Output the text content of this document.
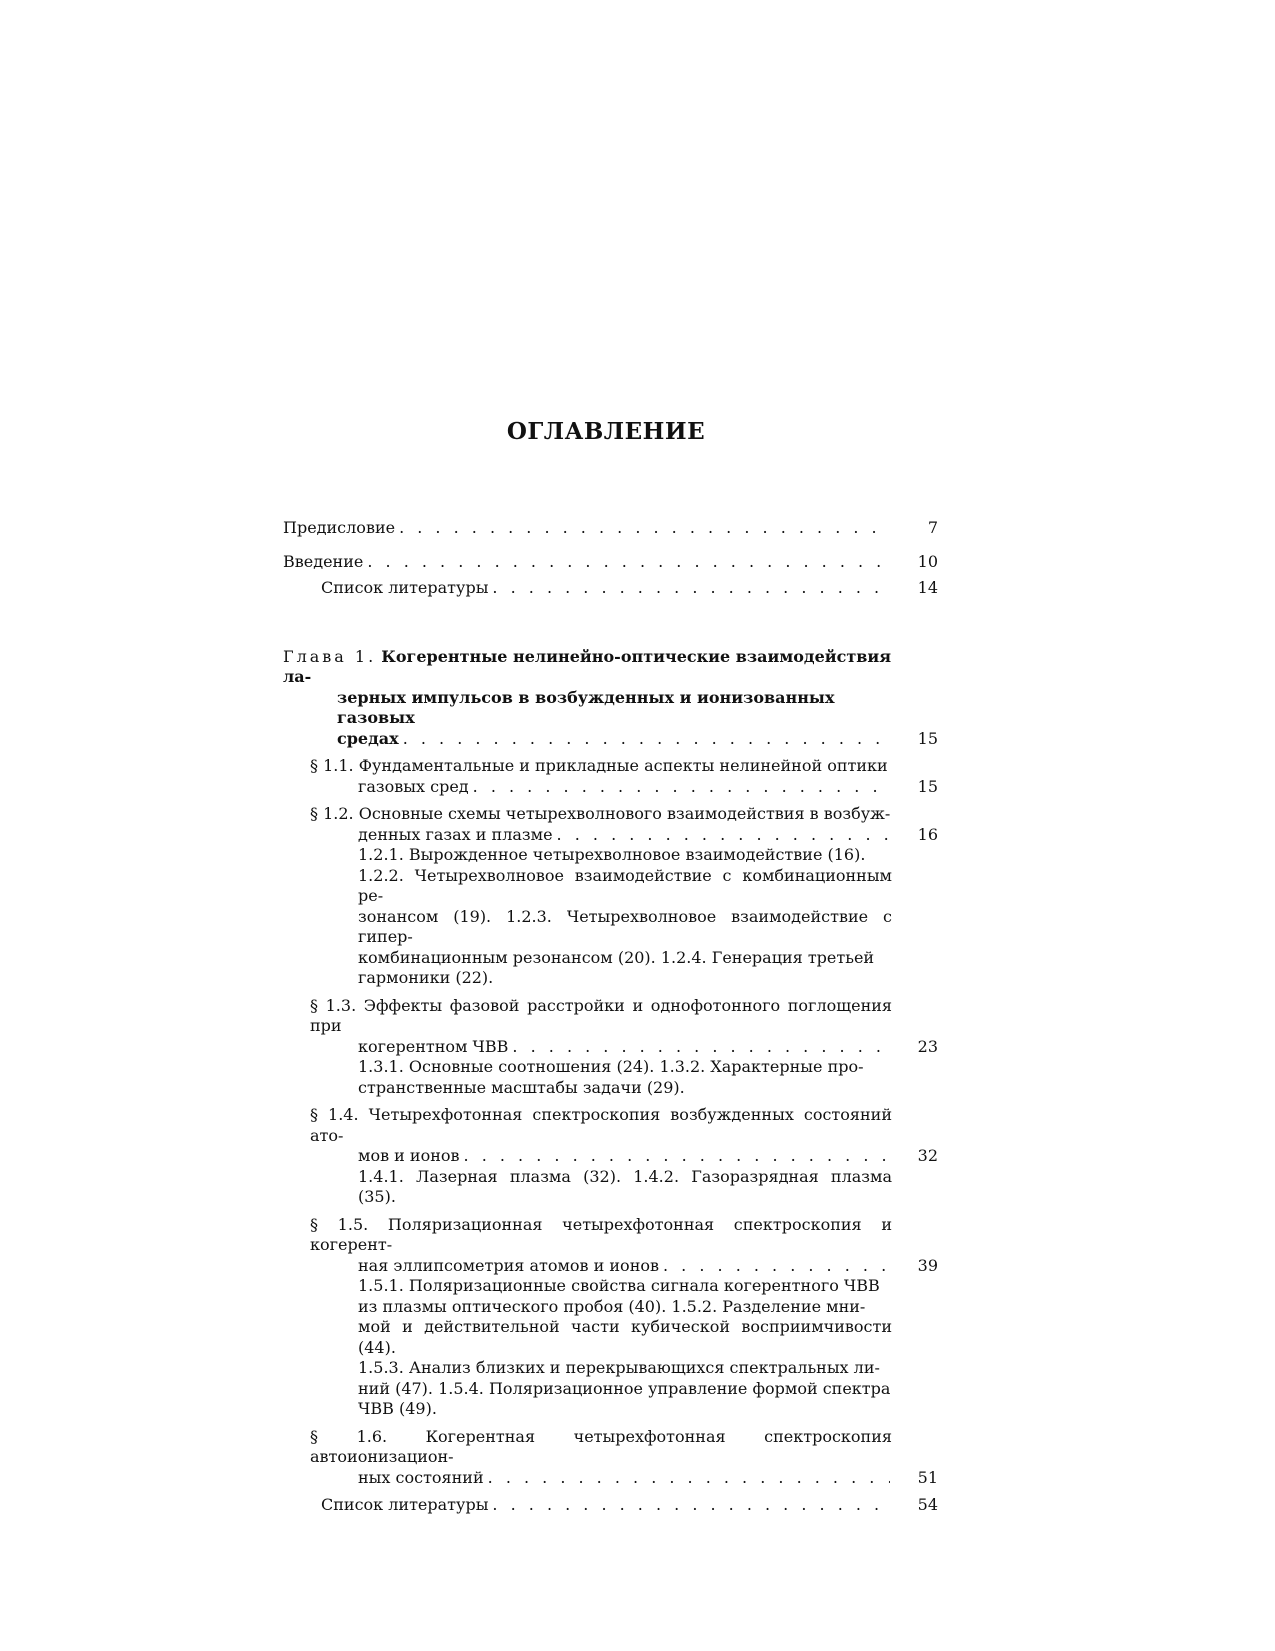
ОГЛАВЛЕНИЕ
Предисловие . . .	7
Введение . . .	10
Список литературы . . .	14
Глава 1. Когерентные нелинейно-оптические взаимодействия ла-
зерных импульсов в возбужденных и ионизованных газовых
средах . . .	15
§ 1.1. Фундаментальные и прикладные аспекты нелинейной оптики
газовых сред . . .	15
§ 1.2. Основные схемы четырехволнового взаимодействия в возбуж-
денных газах и плазме . . .	16
1.2.1. Вырожденное четырехволновое взаимодействие (16).
1.2.2. Четырехволновое взаимодействие с комбинационным ре-
зонансом (19). 1.2.3. Четырехволновое взаимодействие с гипер-
комбинационным резонансом (20). 1.2.4. Генерация третьей
гармоники (22).
§ 1.3. Эффекты фазовой расстройки и однофотонного поглощения при
когерентном ЧВВ . . .	23
1.3.1. Основные соотношения (24). 1.3.2. Характерные про-
странственные масштабы задачи (29).
§ 1.4. Четырехфотонная спектроскопия возбужденных состояний ато-
мов и ионов . . .	32
1.4.1. Лазерная плазма (32). 1.4.2. Газоразрядная плазма (35).
§ 1.5. Поляризационная четырехфотонная спектроскопия и когерент-
ная эллипсометрия атомов и ионов . . .	39
1.5.1. Поляризационные свойства сигнала когерентного ЧВВ
из плазмы оптического пробоя (40). 1.5.2. Разделение мни-
мой и действительной части кубической восприимчивости (44).
1.5.3. Анализ близких и перекрывающихся спектральных ли-
ний (47). 1.5.4. Поляризационное управление формой спектра
ЧВВ (49).
§ 1.6. Когерентная четырехфотонная спектроскопия автоионизацион-
ных состояний . . .	51
Список литературы . . .	54
